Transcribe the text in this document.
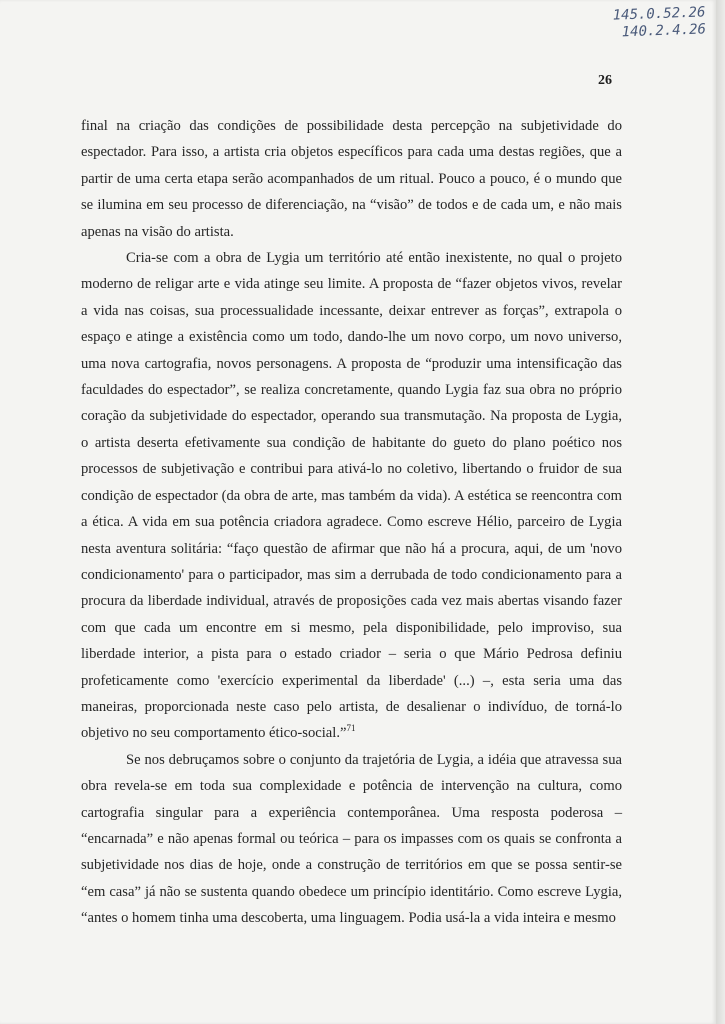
145.0.52.26
140.2.4.26
26

final na criação das condições de possibilidade desta percepção na subjetividade do espectador. Para isso, a artista cria objetos específicos para cada uma destas regiões, que a partir de uma certa etapa serão acompanhados de um ritual. Pouco a pouco, é o mundo que se ilumina em seu processo de diferenciação, na “visão” de todos e de cada um, e não mais apenas na visão do artista.

Cria-se com a obra de Lygia um território até então inexistente, no qual o projeto moderno de religar arte e vida atinge seu limite. A proposta de “fazer objetos vivos, revelar a vida nas coisas, sua processualidade incessante, deixar entrever as forças”, extrapola o espaço e atinge a existência como um todo, dando-lhe um novo corpo, um novo universo, uma nova cartografia, novos personagens. A proposta de “produzir uma intensificação das faculdades do espectador”, se realiza concretamente, quando Lygia faz sua obra no próprio coração da subjetividade do espectador, operando sua transmutação. Na proposta de Lygia, o artista deserta efetivamente sua condição de habitante do gueto do plano poético nos processos de subjetivação e contribui para ativá-lo no coletivo, libertando o fruidor de sua condição de espectador (da obra de arte, mas também da vida). A estética se reencontra com a ética. A vida em sua potência criadora agradece. Como escreve Hélio, parceiro de Lygia nesta aventura solitária: “faço questão de afirmar que não há a procura, aqui, de um 'novo condicionamento' para o participador, mas sim a derrubada de todo condicionamento para a procura da liberdade individual, através de proposições cada vez mais abertas visando fazer com que cada um encontre em si mesmo, pela disponibilidade, pelo improviso, sua liberdade interior, a pista para o estado criador – seria o que Mário Pedrosa definiu profeticamente como 'exercício experimental da liberdade' (...) –, esta seria uma das maneiras, proporcionada neste caso pelo artista, de desalienar o indivíduo, de torná-lo objetivo no seu comportamento ético-social.”$^{71}$

Se nos debruçamos sobre o conjunto da trajetória de Lygia, a idéia que atravessa sua obra revela-se em toda sua complexidade e potência de intervenção na cultura, como cartografia singular para a experiência contemporânea. Uma resposta poderosa – “encarnada” e não apenas formal ou teórica – para os impasses com os quais se confronta a subjetividade nos dias de hoje, onde a construção de territórios em que se possa sentir-se “em casa” já não se sustenta quando obedece um princípio identitário. Como escreve Lygia, “antes o homem tinha uma descoberta, uma linguagem. Podia usá-la a vida inteira e mesmo
